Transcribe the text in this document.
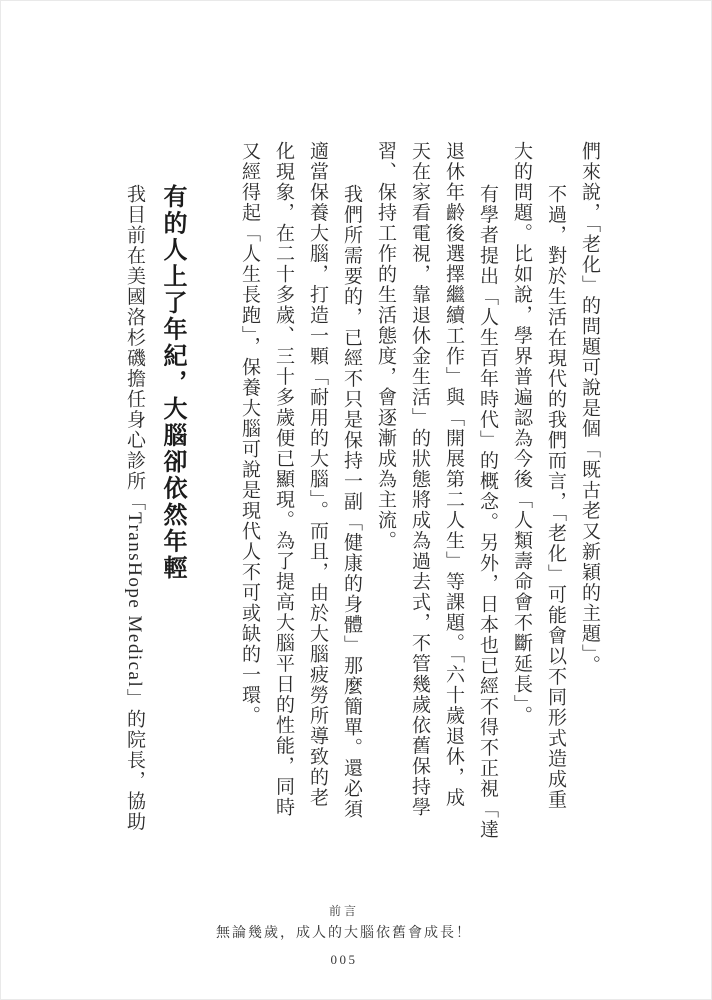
們來說，「老化」的問題可說是個「既古老又新穎的主題」。
不過，對於生活在現代的我們而言，「老化」可能會以不同形式造成重
大的問題。比如說，學界普遍認為今後「人類壽命會不斷延長」。
有學者提出「人生百年時代」的概念。另外，日本也已經不得不正視「達
退休年齡後選擇繼續工作」與「開展第二人生」等課題。「六十歲退休，成
天在家看電視，靠退休金生活」的狀態將成為過去式，不管幾歲依舊保持學
習、保持工作的生活態度，會逐漸成為主流。
我們所需要的，已經不只是保持一副「健康的身體」那麼簡單。還必須
適當保養大腦，打造一顆「耐用的大腦」。而且，由於大腦疲勞所導致的老
化現象，在二十多歲、三十多歲便已顯現。為了提高大腦平日的性能，同時
又經得起「人生長跑」，保養大腦可說是現代人不可或缺的一環。
有的人上了年紀，大腦卻依然年輕
我目前在美國洛杉磯擔任身心診所「TransHope Medical」的院長，協助
前言
無論幾歲，成人的大腦依舊會成長！
005
